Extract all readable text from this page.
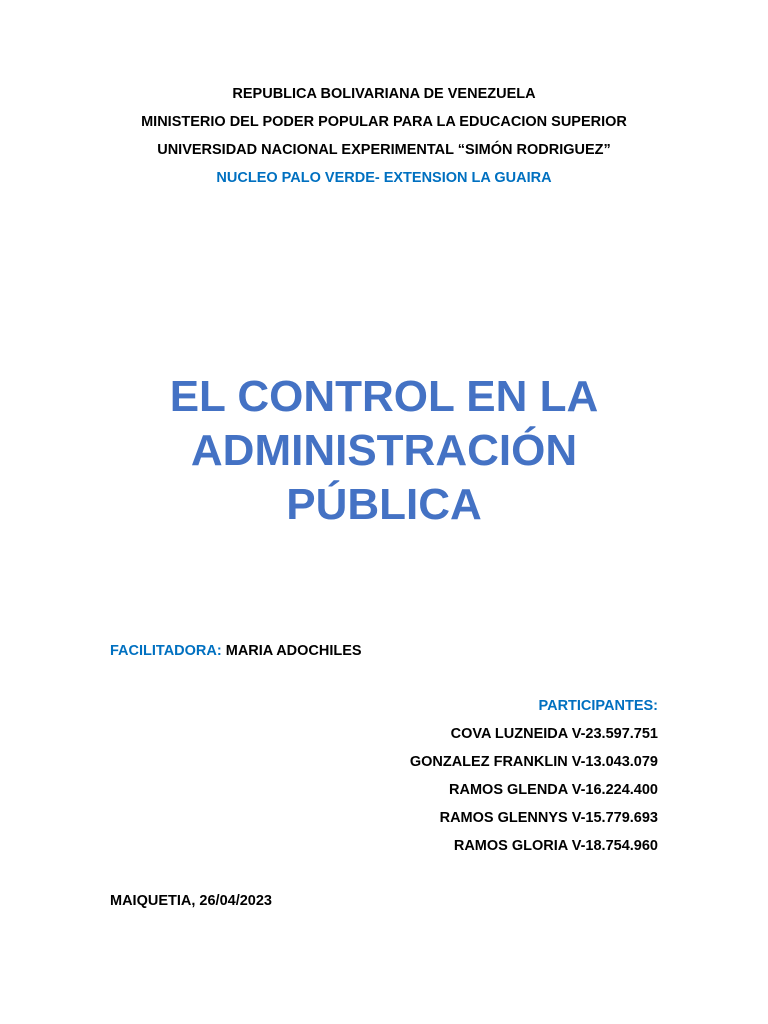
REPUBLICA BOLIVARIANA DE VENEZUELA
MINISTERIO DEL PODER POPULAR PARA LA EDUCACION SUPERIOR
UNIVERSIDAD NACIONAL EXPERIMENTAL “SIMÓN RODRIGUEZ”
NUCLEO PALO VERDE- EXTENSION LA GUAIRA
EL CONTROL EN LA
ADMINISTRACIÓN
PÚBLICA
FACILITADORA: MARIA ADOCHILES
PARTICIPANTES:
COVA LUZNEIDA V-23.597.751
GONZALEZ FRANKLIN V-13.043.079
RAMOS GLENDA V-16.224.400
RAMOS GLENNYS V-15.779.693
RAMOS GLORIA V-18.754.960
MAIQUETIA, 26/04/2023
